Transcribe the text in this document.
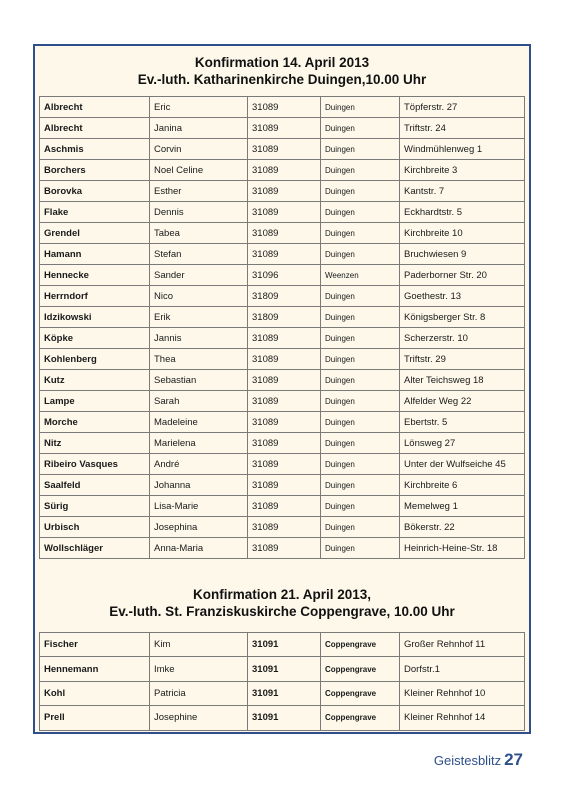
Konfirmation 14. April 2013
Ev.-luth. Katharinenkirche Duingen,10.00 Uhr
Albrecht	Eric	31089	Duingen	Töpferstr. 27
Albrecht	Janina	31089	Duingen	Triftstr. 24
Aschmis	Corvin	31089	Duingen	Windmühlenweg 1
Borchers	Noel Celine	31089	Duingen	Kirchbreite 3
Borovka	Esther	31089	Duingen	Kantstr. 7
Flake	Dennis	31089	Duingen	Eckhardtstr. 5
Grendel	Tabea	31089	Duingen	Kirchbreite 10
Hamann	Stefan	31089	Duingen	Bruchwiesen 9
Hennecke	Sander	31096	Weenzen	Paderborner Str. 20
Herrndorf	Nico	31809	Duingen	Goethestr. 13
Idzikowski	Erik	31809	Duingen	Königsberger Str. 8
Köpke	Jannis	31089	Duingen	Scherzerstr. 10
Kohlenberg	Thea	31089	Duingen	Triftstr. 29
Kutz	Sebastian	31089	Duingen	Alter Teichsweg 18
Lampe	Sarah	31089	Duingen	Alfelder Weg 22
Morche	Madeleine	31089	Duingen	Ebertstr. 5
Nitz	Marielena	31089	Duingen	Lönsweg 27
Ribeiro Vasques	André	31089	Duingen	Unter der Wulfseiche 45
Saalfeld	Johanna	31089	Duingen	Kirchbreite 6
Sürig	Lisa-Marie	31089	Duingen	Memelweg 1
Urbisch	Josephina	31089	Duingen	Bökerstr. 22
Wollschläger	Anna-Maria	31089	Duingen	Heinrich-Heine-Str. 18
Konfirmation 21. April 2013,
Ev.-luth. St. Franziskuskirche Coppengrave, 10.00 Uhr
Fischer	Kim	31091	Coppengrave	Großer Rehnhof 11
Hennemann	Imke	31091	Coppengrave	Dorfstr.1
Kohl	Patricia	31091	Coppengrave	Kleiner Rehnhof 10
Prell	Josephine	31091	Coppengrave	Kleiner Rehnhof 14
Geistesblitz 27
